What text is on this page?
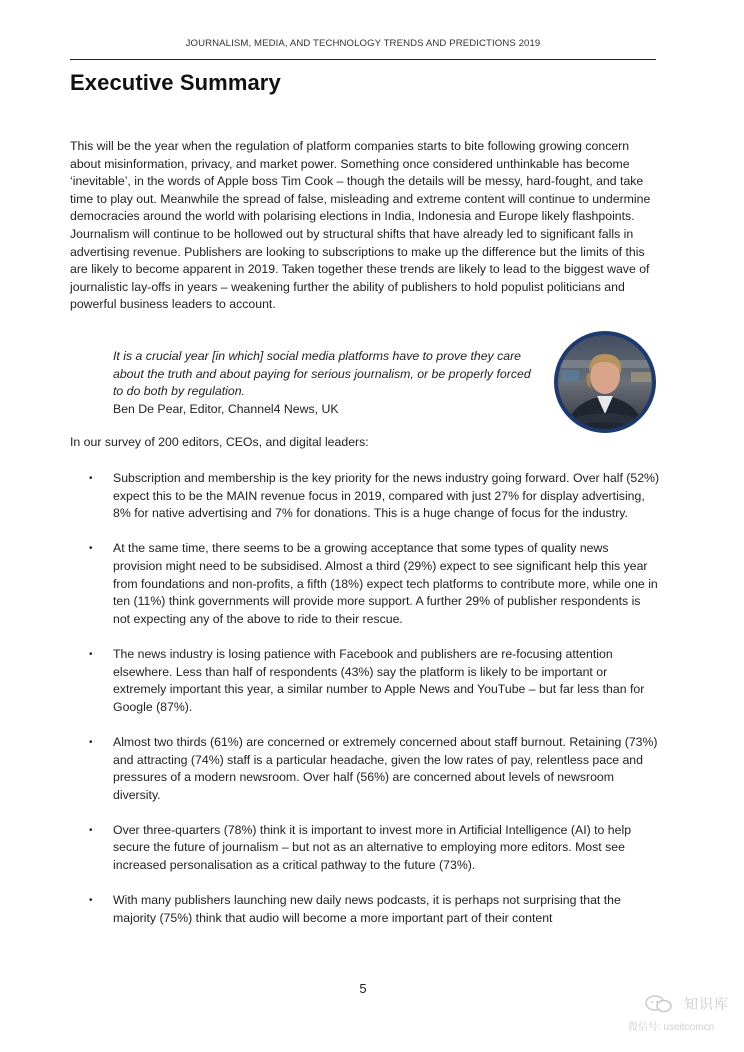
JOURNALISM, MEDIA, AND TECHNOLOGY TRENDS AND PREDICTIONS 2019
Executive Summary

This will be the year when the regulation of platform companies starts to bite following growing concern about misinformation, privacy, and market power. Something once considered unthinkable has become ‘inevitable’, in the words of Apple boss Tim Cook – though the details will be messy, hard-fought, and take time to play out. Meanwhile the spread of false, misleading and extreme content will continue to undermine democracies around the world with polarising elections in India, Indonesia and Europe likely flashpoints. Journalism will continue to be hollowed out by structural shifts that have already led to significant falls in advertising revenue. Publishers are looking to subscriptions to make up the difference but the limits of this are likely to become apparent in 2019. Taken together these trends are likely to lead to the biggest wave of journalistic lay-offs in years – weakening further the ability of publishers to hold populist politicians and powerful business leaders to account.

It is a crucial year [in which] social media platforms have to prove they care about the truth and about paying for serious journalism, or be properly forced to do both by regulation.
Ben De Pear, Editor, Channel4 News, UK

In our survey of 200 editors, CEOs, and digital leaders:

• Subscription and membership is the key priority for the news industry going forward. Over half (52%) expect this to be the MAIN revenue focus in 2019, compared with just 27% for display advertising, 8% for native advertising and 7% for donations. This is a huge change of focus for the industry.
• At the same time, there seems to be a growing acceptance that some types of quality news provision might need to be subsidised. Almost a third (29%) expect to see significant help this year from foundations and non-profits, a fifth (18%) expect tech platforms to contribute more, while one in ten (11%) think governments will provide more support. A further 29% of publisher respondents is not expecting any of the above to ride to their rescue.
• The news industry is losing patience with Facebook and publishers are re-focusing attention elsewhere. Less than half of respondents (43%) say the platform is likely to be important or extremely important this year, a similar number to Apple News and YouTube – but far less than for Google (87%).
• Almost two thirds (61%) are concerned or extremely concerned about staff burnout. Retaining (73%) and attracting (74%) staff is a particular headache, given the low rates of pay, relentless pace and pressures of a modern newsroom. Over half (56%) are concerned about levels of newsroom diversity.
• Over three-quarters (78%) think it is important to invest more in Artificial Intelligence (AI) to help secure the future of journalism – but not as an alternative to employing more editors. Most see increased personalisation as a critical pathway to the future (73%).
• With many publishers launching new daily news podcasts, it is perhaps not surprising that the majority (75%) think that audio will become a more important part of their content
5
知识库
微信号: useitcomcn
